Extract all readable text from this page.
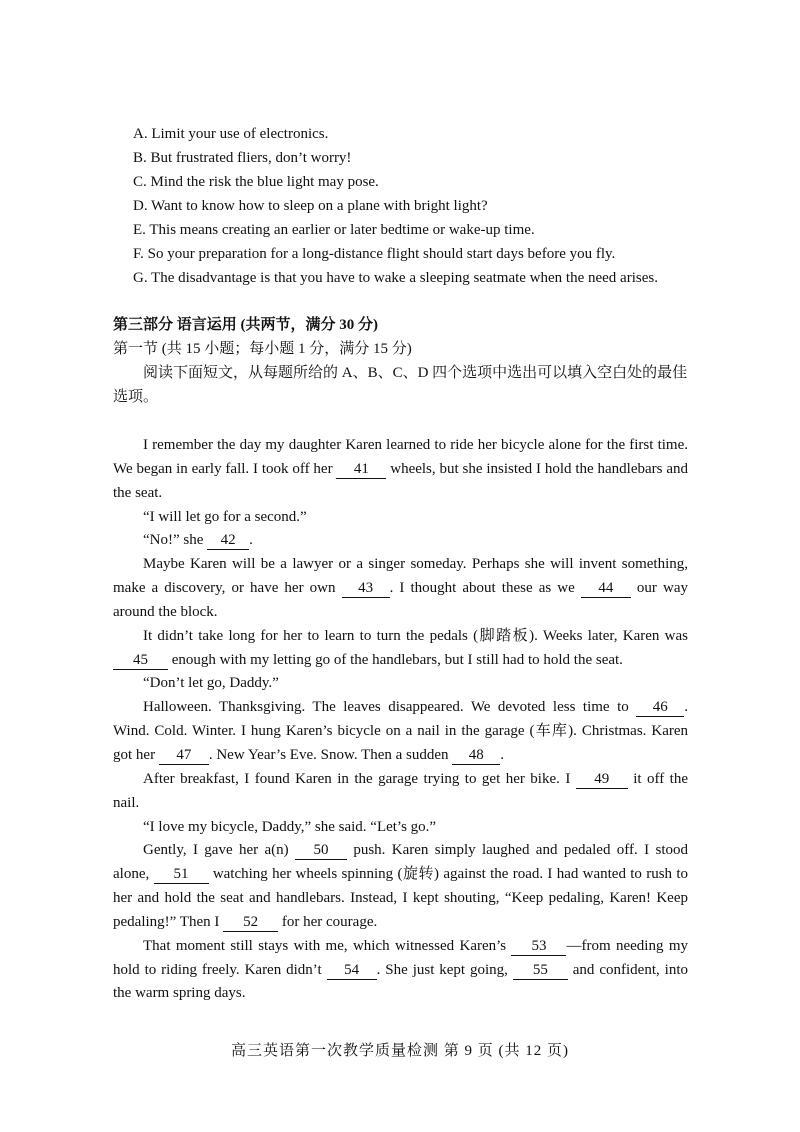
A. Limit your use of electronics.
B. But frustrated fliers, don’t worry!
C. Mind the risk the blue light may pose.
D. Want to know how to sleep on a plane with bright light?
E. This means creating an earlier or later bedtime or wake-up time.
F. So your preparation for a long-distance flight should start days before you fly.
G. The disadvantage is that you have to wake a sleeping seatmate when the need arises.
第三部分 语言运用 (共两节，满分 30 分)
第一节 (共 15 小题；每小题 1 分，满分 15 分)
阅读下面短文，从每题所给的 A、B、C、D 四个选项中选出可以填入空白处的最佳选项。

I remember the day my daughter Karen learned to ride her bicycle alone for the first time. We began in early fall. I took off her 41 wheels, but she insisted I hold the handlebars and the seat.

“I will let go for a second.”

“No!” she 42 .

Maybe Karen will be a lawyer or a singer someday. Perhaps she will invent something, make a discovery, or have her own 43 . I thought about these as we 44 our way around the block.

It didn’t take long for her to learn to turn the pedals (脚踏板). Weeks later, Karen was 45 enough with my letting go of the handlebars, but I still had to hold the seat.

“Don’t let go, Daddy.”

Halloween. Thanksgiving. The leaves disappeared. We devoted less time to 46 . Wind. Cold. Winter. I hung Karen’s bicycle on a nail in the garage (车库). Christmas. Karen got her 47 . New Year’s Eve. Snow. Then a sudden 48 .

After breakfast, I found Karen in the garage trying to get her bike. I 49 it off the nail.

“I love my bicycle, Daddy,” she said. “Let’s go.”

Gently, I gave her a(n) 50 push. Karen simply laughed and pedaled off. I stood alone, 51 watching her wheels spinning (旋转) against the road. I had wanted to rush to her and hold the seat and handlebars. Instead, I kept shouting, “Keep pedaling, Karen! Keep pedaling!” Then I 52 for her courage.

That moment still stays with me, which witnessed Karen’s 53 —from needing my hold to riding freely. Karen didn’t 54 . She just kept going, 55 and confident, into the warm spring days.

高三英语第一次教学质量检测 第 9 页 (共 12 页)
